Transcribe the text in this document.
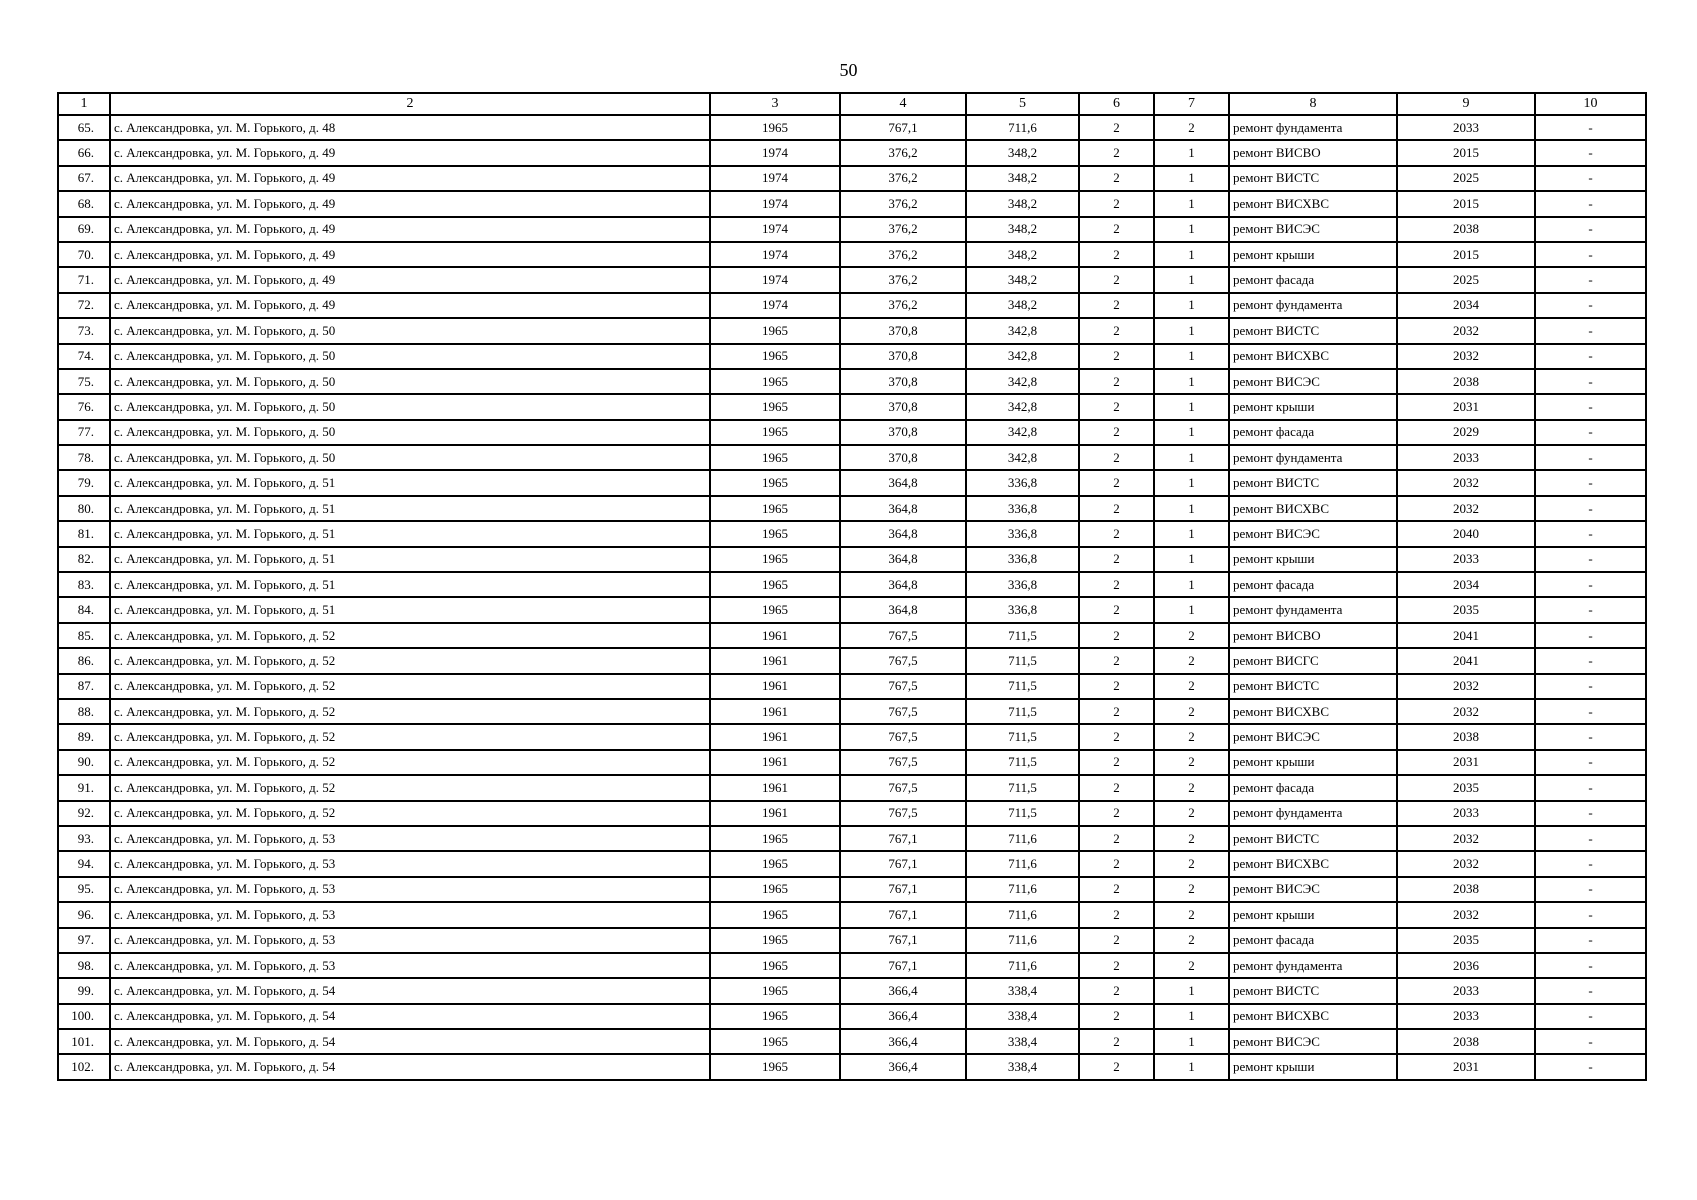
50
1	2	3	4	5	6	7	8	9	10
65.	с. Александровка, ул. М. Горького, д. 48	1965	767,1	711,6	2	2	ремонт фундамента	2033	-
66.	с. Александровка, ул. М. Горького, д. 49	1974	376,2	348,2	2	1	ремонт ВИСВО	2015	-
67.	с. Александровка, ул. М. Горького, д. 49	1974	376,2	348,2	2	1	ремонт ВИСТС	2025	-
68.	с. Александровка, ул. М. Горького, д. 49	1974	376,2	348,2	2	1	ремонт ВИСХВС	2015	-
69.	с. Александровка, ул. М. Горького, д. 49	1974	376,2	348,2	2	1	ремонт ВИСЭС	2038	-
70.	с. Александровка, ул. М. Горького, д. 49	1974	376,2	348,2	2	1	ремонт крыши	2015	-
71.	с. Александровка, ул. М. Горького, д. 49	1974	376,2	348,2	2	1	ремонт фасада	2025	-
72.	с. Александровка, ул. М. Горького, д. 49	1974	376,2	348,2	2	1	ремонт фундамента	2034	-
73.	с. Александровка, ул. М. Горького, д. 50	1965	370,8	342,8	2	1	ремонт ВИСТС	2032	-
74.	с. Александровка, ул. М. Горького, д. 50	1965	370,8	342,8	2	1	ремонт ВИСХВС	2032	-
75.	с. Александровка, ул. М. Горького, д. 50	1965	370,8	342,8	2	1	ремонт ВИСЭС	2038	-
76.	с. Александровка, ул. М. Горького, д. 50	1965	370,8	342,8	2	1	ремонт крыши	2031	-
77.	с. Александровка, ул. М. Горького, д. 50	1965	370,8	342,8	2	1	ремонт фасада	2029	-
78.	с. Александровка, ул. М. Горького, д. 50	1965	370,8	342,8	2	1	ремонт фундамента	2033	-
79.	с. Александровка, ул. М. Горького, д. 51	1965	364,8	336,8	2	1	ремонт ВИСТС	2032	-
80.	с. Александровка, ул. М. Горького, д. 51	1965	364,8	336,8	2	1	ремонт ВИСХВС	2032	-
81.	с. Александровка, ул. М. Горького, д. 51	1965	364,8	336,8	2	1	ремонт ВИСЭС	2040	-
82.	с. Александровка, ул. М. Горького, д. 51	1965	364,8	336,8	2	1	ремонт крыши	2033	-
83.	с. Александровка, ул. М. Горького, д. 51	1965	364,8	336,8	2	1	ремонт фасада	2034	-
84.	с. Александровка, ул. М. Горького, д. 51	1965	364,8	336,8	2	1	ремонт фундамента	2035	-
85.	с. Александровка, ул. М. Горького, д. 52	1961	767,5	711,5	2	2	ремонт ВИСВО	2041	-
86.	с. Александровка, ул. М. Горького, д. 52	1961	767,5	711,5	2	2	ремонт ВИСГС	2041	-
87.	с. Александровка, ул. М. Горького, д. 52	1961	767,5	711,5	2	2	ремонт ВИСТС	2032	-
88.	с. Александровка, ул. М. Горького, д. 52	1961	767,5	711,5	2	2	ремонт ВИСХВС	2032	-
89.	с. Александровка, ул. М. Горького, д. 52	1961	767,5	711,5	2	2	ремонт ВИСЭС	2038	-
90.	с. Александровка, ул. М. Горького, д. 52	1961	767,5	711,5	2	2	ремонт крыши	2031	-
91.	с. Александровка, ул. М. Горького, д. 52	1961	767,5	711,5	2	2	ремонт фасада	2035	-
92.	с. Александровка, ул. М. Горького, д. 52	1961	767,5	711,5	2	2	ремонт фундамента	2033	-
93.	с. Александровка, ул. М. Горького, д. 53	1965	767,1	711,6	2	2	ремонт ВИСТС	2032	-
94.	с. Александровка, ул. М. Горького, д. 53	1965	767,1	711,6	2	2	ремонт ВИСХВС	2032	-
95.	с. Александровка, ул. М. Горького, д. 53	1965	767,1	711,6	2	2	ремонт ВИСЭС	2038	-
96.	с. Александровка, ул. М. Горького, д. 53	1965	767,1	711,6	2	2	ремонт крыши	2032	-
97.	с. Александровка, ул. М. Горького, д. 53	1965	767,1	711,6	2	2	ремонт фасада	2035	-
98.	с. Александровка, ул. М. Горького, д. 53	1965	767,1	711,6	2	2	ремонт фундамента	2036	-
99.	с. Александровка, ул. М. Горького, д. 54	1965	366,4	338,4	2	1	ремонт ВИСТС	2033	-
100.	с. Александровка, ул. М. Горького, д. 54	1965	366,4	338,4	2	1	ремонт ВИСХВС	2033	-
101.	с. Александровка, ул. М. Горького, д. 54	1965	366,4	338,4	2	1	ремонт ВИСЭС	2038	-
102.	с. Александровка, ул. М. Горького, д. 54	1965	366,4	338,4	2	1	ремонт крыши	2031	-
